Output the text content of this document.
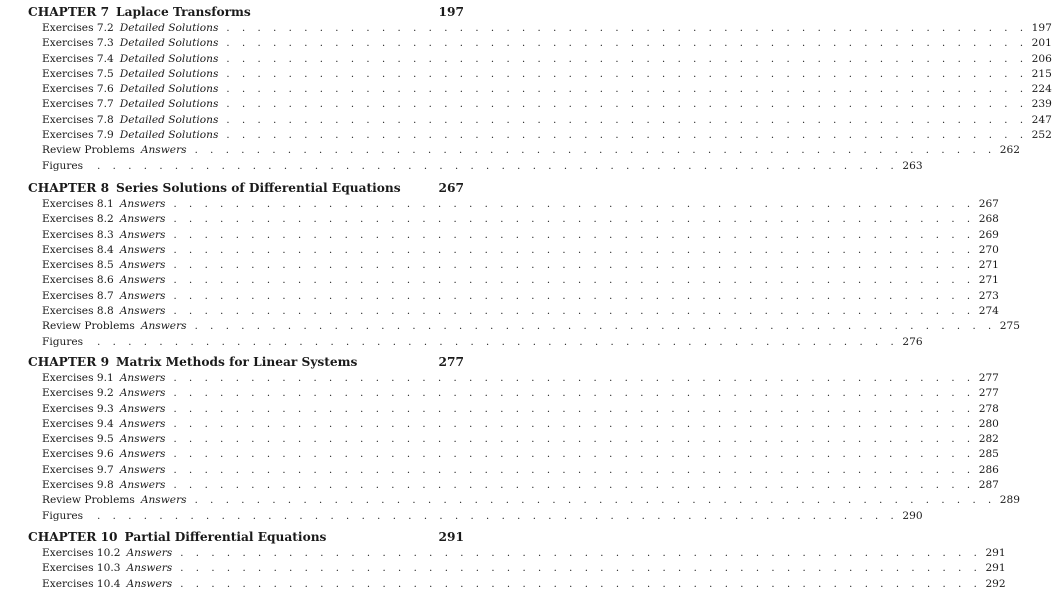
CHAPTER 7 Laplace Transforms	197
Exercises 7.2 Detailed Solutions . . . . . . . . . . . . . . . . . . . . . . . . . . . . . . . . . . . . . . . . . . . . . . . . . . . . 197
Exercises 7.3 Detailed Solutions . . . . . . . . . . . . . . . . . . . . . . . . . . . . . . . . . . . . . . . . . . . . . . . . . . . . 201
Exercises 7.4 Detailed Solutions . . . . . . . . . . . . . . . . . . . . . . . . . . . . . . . . . . . . . . . . . . . . . . . . . . . . 206
Exercises 7.5 Detailed Solutions . . . . . . . . . . . . . . . . . . . . . . . . . . . . . . . . . . . . . . . . . . . . . . . . . . . . 215
Exercises 7.6 Detailed Solutions . . . . . . . . . . . . . . . . . . . . . . . . . . . . . . . . . . . . . . . . . . . . . . . . . . . . 224
Exercises 7.7 Detailed Solutions . . . . . . . . . . . . . . . . . . . . . . . . . . . . . . . . . . . . . . . . . . . . . . . . . . . . 239
Exercises 7.8 Detailed Solutions . . . . . . . . . . . . . . . . . . . . . . . . . . . . . . . . . . . . . . . . . . . . . . . . . . . . 247
Exercises 7.9 Detailed Solutions . . . . . . . . . . . . . . . . . . . . . . . . . . . . . . . . . . . . . . . . . . . . . . . . . . . . 252
Review Problems Answers . . . . . . . . . . . . . . . . . . . . . . . . . . . . . . . . . . . . . . . . . . . . . . . . . . . . 262
Figures . . . . . . . . . . . . . . . . . . . . . . . . . . . . . . . . . . . . . . . . . . . . . . . . . . . . 263
CHAPTER 8 Series Solutions of Differential Equations	267
Exercises 8.1 Answers . . . . . . . . . . . . . . . . . . . . . . . . . . . . . . . . . . . . . . . . . . . . . . . . . . . . 267
Exercises 8.2 Answers . . . . . . . . . . . . . . . . . . . . . . . . . . . . . . . . . . . . . . . . . . . . . . . . . . . . 268
Exercises 8.3 Answers . . . . . . . . . . . . . . . . . . . . . . . . . . . . . . . . . . . . . . . . . . . . . . . . . . . . 269
Exercises 8.4 Answers . . . . . . . . . . . . . . . . . . . . . . . . . . . . . . . . . . . . . . . . . . . . . . . . . . . . 270
Exercises 8.5 Answers . . . . . . . . . . . . . . . . . . . . . . . . . . . . . . . . . . . . . . . . . . . . . . . . . . . . 271
Exercises 8.6 Answers . . . . . . . . . . . . . . . . . . . . . . . . . . . . . . . . . . . . . . . . . . . . . . . . . . . . 271
Exercises 8.7 Answers . . . . . . . . . . . . . . . . . . . . . . . . . . . . . . . . . . . . . . . . . . . . . . . . . . . . 273
Exercises 8.8 Answers . . . . . . . . . . . . . . . . . . . . . . . . . . . . . . . . . . . . . . . . . . . . . . . . . . . . 274
Review Problems Answers . . . . . . . . . . . . . . . . . . . . . . . . . . . . . . . . . . . . . . . . . . . . . . . . . . . . 275
Figures . . . . . . . . . . . . . . . . . . . . . . . . . . . . . . . . . . . . . . . . . . . . . . . . . . . . 276
CHAPTER 9 Matrix Methods for Linear Systems	277
Exercises 9.1 Answers . . . . . . . . . . . . . . . . . . . . . . . . . . . . . . . . . . . . . . . . . . . . . . . . . . . . 277
Exercises 9.2 Answers . . . . . . . . . . . . . . . . . . . . . . . . . . . . . . . . . . . . . . . . . . . . . . . . . . . . 277
Exercises 9.3 Answers . . . . . . . . . . . . . . . . . . . . . . . . . . . . . . . . . . . . . . . . . . . . . . . . . . . . 278
Exercises 9.4 Answers . . . . . . . . . . . . . . . . . . . . . . . . . . . . . . . . . . . . . . . . . . . . . . . . . . . . 280
Exercises 9.5 Answers . . . . . . . . . . . . . . . . . . . . . . . . . . . . . . . . . . . . . . . . . . . . . . . . . . . . 282
Exercises 9.6 Answers . . . . . . . . . . . . . . . . . . . . . . . . . . . . . . . . . . . . . . . . . . . . . . . . . . . . 285
Exercises 9.7 Answers . . . . . . . . . . . . . . . . . . . . . . . . . . . . . . . . . . . . . . . . . . . . . . . . . . . . 286
Exercises 9.8 Answers . . . . . . . . . . . . . . . . . . . . . . . . . . . . . . . . . . . . . . . . . . . . . . . . . . . . 287
Review Problems Answers . . . . . . . . . . . . . . . . . . . . . . . . . . . . . . . . . . . . . . . . . . . . . . . . . . . . 289
Figures . . . . . . . . . . . . . . . . . . . . . . . . . . . . . . . . . . . . . . . . . . . . . . . . . . . . 290
CHAPTER 10 Partial Differential Equations	291
Exercises 10.2 Answers . . . . . . . . . . . . . . . . . . . . . . . . . . . . . . . . . . . . . . . . . . . . . . . . . . . . 291
Exercises 10.3 Answers . . . . . . . . . . . . . . . . . . . . . . . . . . . . . . . . . . . . . . . . . . . . . . . . . . . . 291
Exercises 10.4 Answers . . . . . . . . . . . . . . . . . . . . . . . . . . . . . . . . . . . . . . . . . . . . . . . . . . . . 292
